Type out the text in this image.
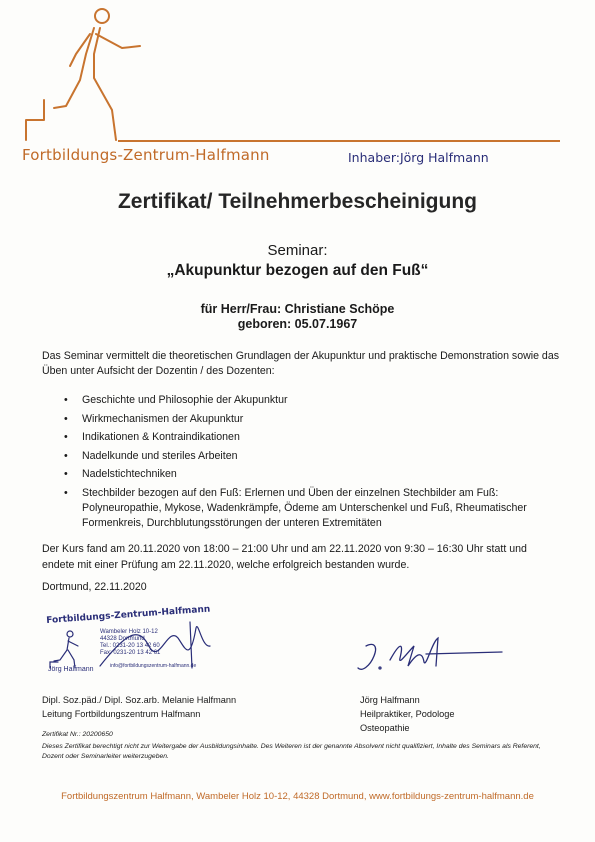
Fortbildungs-Zentrum-Halfmann	Inhaber:Jörg Halfmann
Zertifikat/ Teilnehmerbescheinigung
Seminar:
„Akupunktur bezogen auf den Fuß“
für Herr/Frau: Christiane Schöpe
geboren: 05.07.1967

Das Seminar vermittelt die theoretischen Grundlagen der Akupunktur und praktische Demonstration sowie das Üben unter Aufsicht der Dozentin / des Dozenten:

• Geschichte und Philosophie der Akupunktur
• Wirkmechanismen der Akupunktur
• Indikationen & Kontraindikationen
• Nadelkunde und steriles Arbeiten
• Nadelstichtechniken
• Stechbilder bezogen auf den Fuß: Erlernen und Üben der einzelnen Stechbilder am Fuß: Polyneuropathie, Mykose, Wadenkrämpfe, Ödeme am Unterschenkel und Fuß, Rheumatischer Formenkreis, Durchblutungsstörungen der unteren Extremitäten

Der Kurs fand am 20.11.2020 von 18:00 – 21:00 Uhr und am 22.11.2020 von 9:30 – 16:30 Uhr statt und endete mit einer Prüfung am 22.11.2020, welche erfolgreich bestanden wurde.

Dortmund, 22.11.2020
Fortbildungs-Zentrum-Halfmann
Wambeler Holz 10-12
44328 Dortmund
Tel.: 0231-20 13 42 60
Fax: 0231-20 13 42 61
Jörg Halfmann	info@fortbildungszentrum-halfmann.de
Dipl. Soz.päd./ Dipl. Soz.arb. Melanie Halfmann
Leitung Fortbildungszentrum Halfmann
Jörg Halfmann
Heilpraktiker, Podologe
Osteopathie
Zertifikat Nr.: 20200650

Dieses Zertifikat berechtigt nicht zur Weitergabe der Ausbildungsinhalte. Des Weiteren ist der genannte Absolvent nicht qualifiziert, Inhalte des Seminars als Referent, Dozent oder Seminarleiter weiterzugeben.

Fortbildungszentrum Halfmann, Wambeler Holz 10-12, 44328 Dortmund, www.fortbildungs-zentrum-halfmann.de
